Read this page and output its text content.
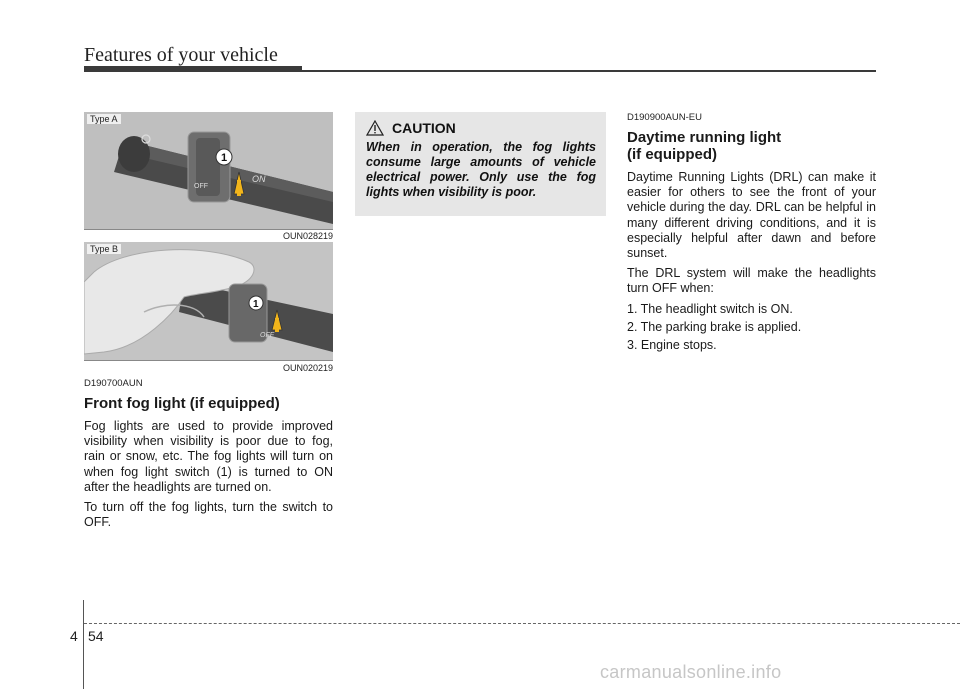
Features of your vehicle
1
ON
OFF
Type A
OUN028219
1
OFF
Type B
OUN020219
D190700AUN
Front fog light (if equipped)

Fog lights are used to provide improved visibility when visibility is poor due to fog, rain or snow, etc. The fog lights will turn on when fog light switch (1) is turned to ON after the headlights are turned on.

To turn off the fog lights, turn the switch to OFF.

CAUTION
When in operation, the fog lights consume large amounts of vehicle electrical power. Only use the fog lights when visibility is poor.
D190900AUN-EU
Daytime running light
(if equipped)

Daytime Running Lights (DRL) can make it easier for others to see the front of your vehicle during the day. DRL can be helpful in many different driving conditions, and it is especially helpful after dawn and before sunset.

The DRL system will make the headlights turn OFF when:

1. The headlight switch is ON.
2. The parking brake is applied.
3. Engine stops.
4 54
carmanualsonline.info
